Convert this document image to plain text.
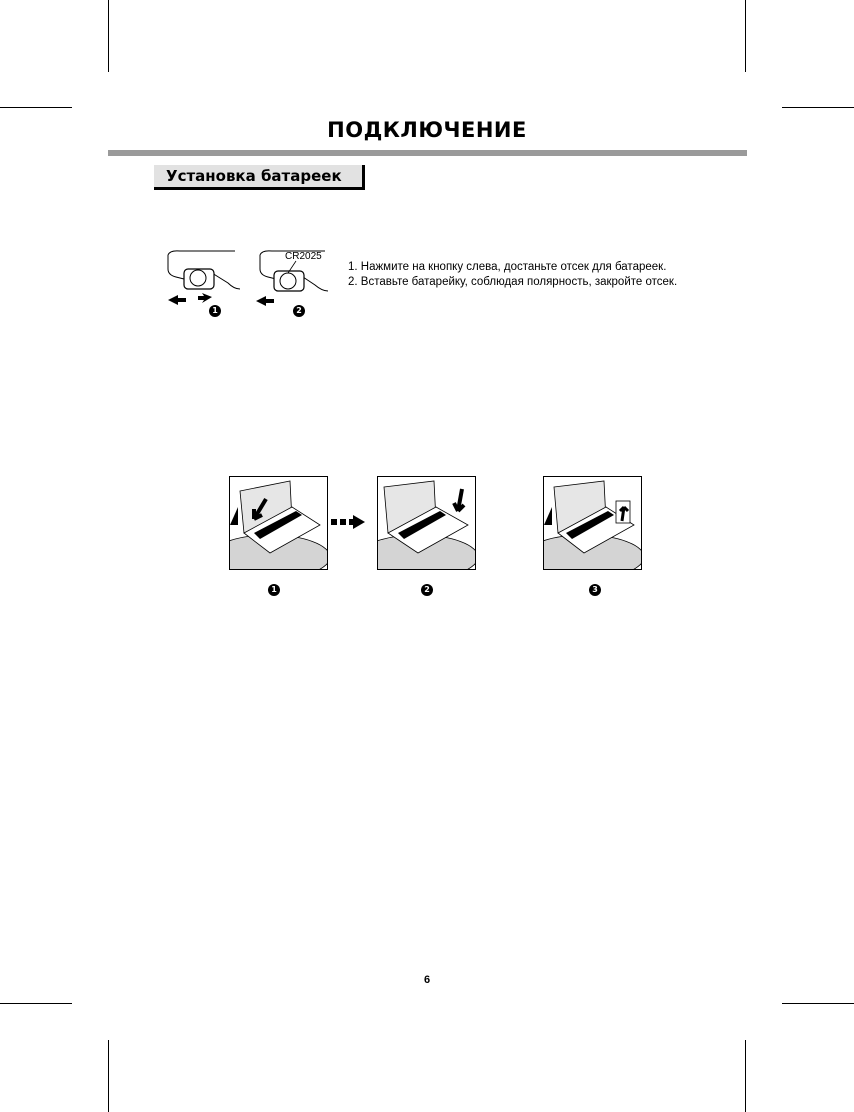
ПОДКЛЮЧЕНИЕ
Установка батареек
CR2025
1	2
1. Нажмите на кнопку слева, достаньте отсек для батареек.
2. Вставьте батарейку, соблюдая полярность, закройте отсек.
1	2	3
6
